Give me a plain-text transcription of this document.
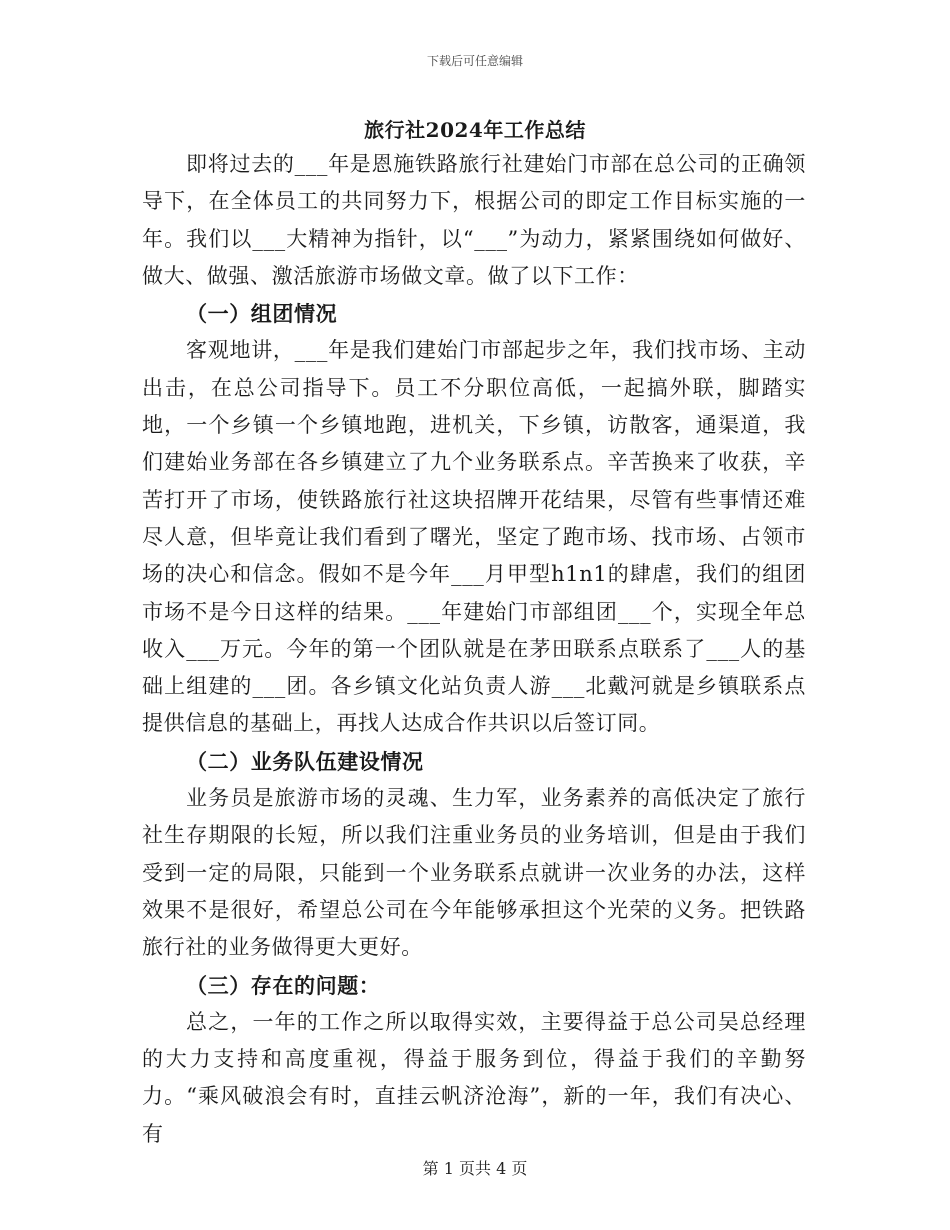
下载后可任意编辑
旅行社2024年工作总结

即将过去的___年是恩施铁路旅行社建始门市部在总公司的正确领导下，在全体员工的共同努力下，根据公司的即定工作目标实施的一年。我们以___大精神为指针，以“___”为动力，紧紧围绕如何做好、做大、做强、激活旅游市场做文章。做了以下工作：

（一）组团情况

客观地讲，___年是我们建始门市部起步之年，我们找市场、主动出击，在总公司指导下。员工不分职位高低，一起搞外联，脚踏实地，一个乡镇一个乡镇地跑，进机关，下乡镇，访散客，通渠道，我们建始业务部在各乡镇建立了九个业务联系点。辛苦换来了收获，辛苦打开了市场，使铁路旅行社这块招牌开花结果，尽管有些事情还难尽人意，但毕竟让我们看到了曙光，坚定了跑市场、找市场、占领市场的决心和信念。假如不是今年___月甲型h1n1的肆虐，我们的组团市场不是今日这样的结果。___年建始门市部组团___个，实现全年总收入___万元。今年的第一个团队就是在茅田联系点联系了___人的基础上组建的___团。各乡镇文化站负责人游___北戴河就是乡镇联系点提供信息的基础上，再找人达成合作共识以后签订同。

（二）业务队伍建设情况

业务员是旅游市场的灵魂、生力军，业务素养的高低决定了旅行社生存期限的长短，所以我们注重业务员的业务培训，但是由于我们受到一定的局限，只能到一个业务联系点就讲一次业务的办法，这样效果不是很好，希望总公司在今年能够承担这个光荣的义务。把铁路旅行社的业务做得更大更好。

（三）存在的问题：

总之，一年的工作之所以取得实效，主要得益于总公司吴总经理的大力支持和高度重视，得益于服务到位，得益于我们的辛勤努力。“乘风破浪会有时，直挂云帆济沧海”，新的一年，我们有决心、有

第 1 页共 4 页
